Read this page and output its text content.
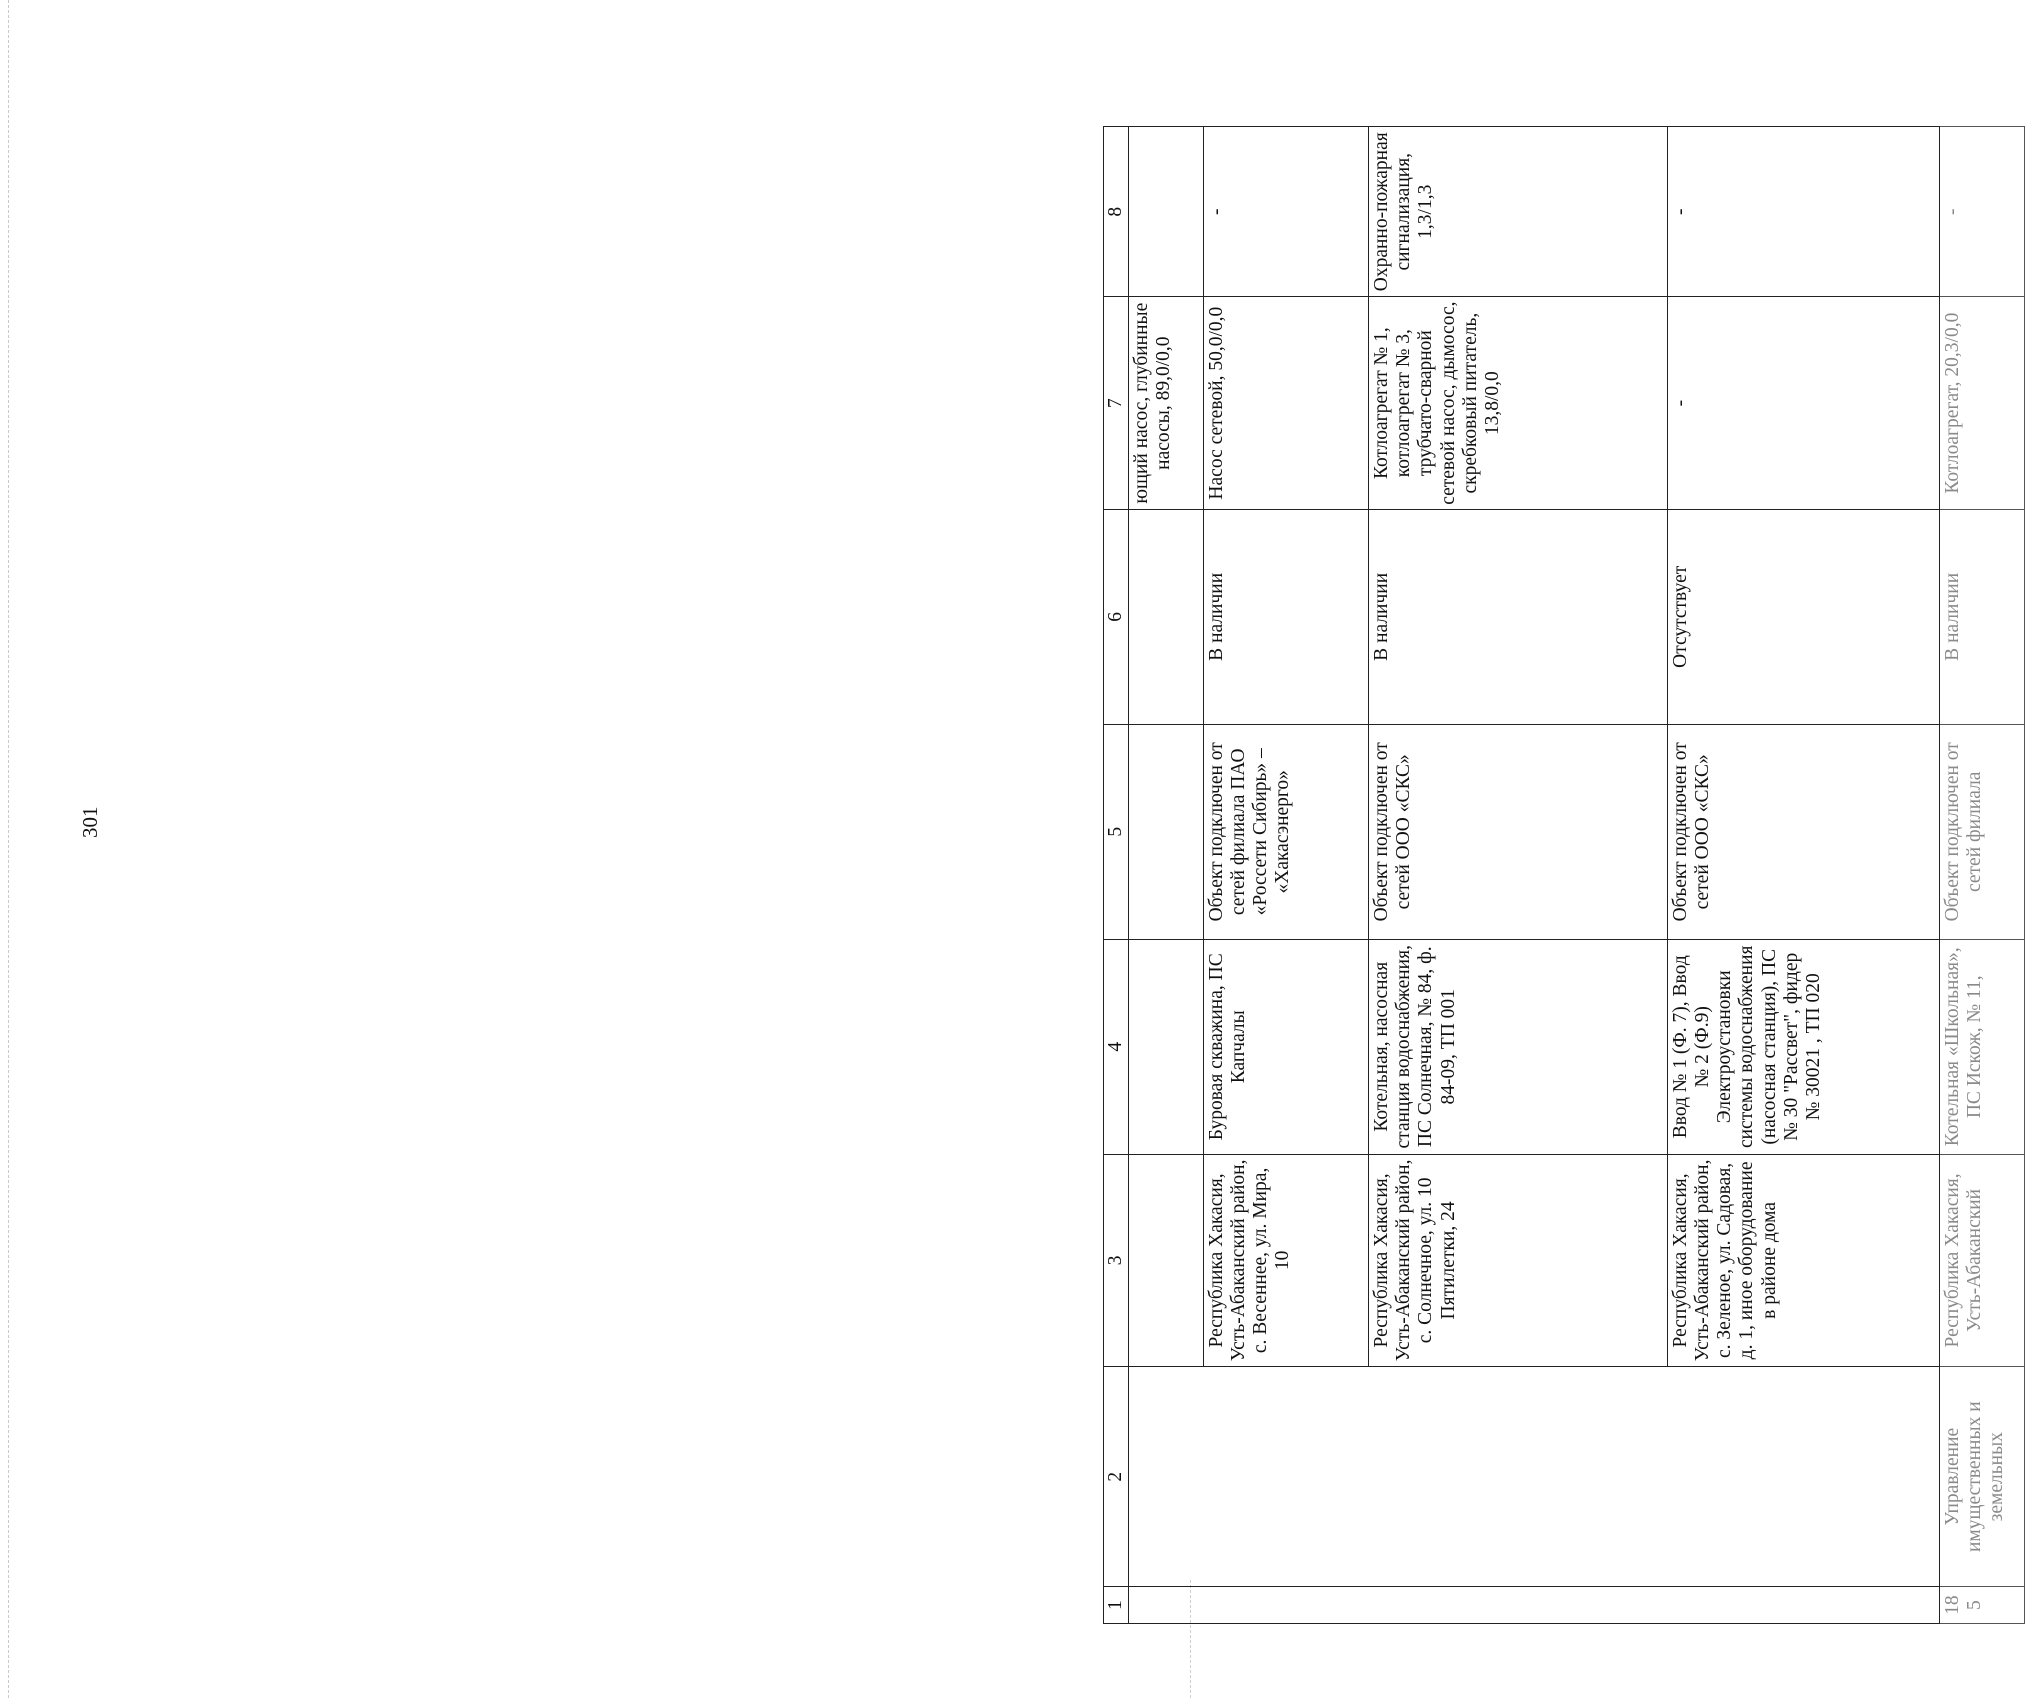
301
1	2	3	4	5	6	7	8
						ющий насос, глубинные насосы, 89,0/0,0	
		Республика Хакасия, Усть-Абаканский район, с. Весеннее, ул. Мира, 10	Буровая скважина, ПС Капчалы	Объект подключен от сетей филиала ПАО «Россети Сибирь» – «Хакасэнерго»	В наличии	Насос сетевой, 50,0/0,0	-
		Республика Хакасия, Усть-Абаканский район, с. Солнечное, ул. 10 Пятилетки, 24	Котельная, насосная станция водоснабжения, ПС Солнечная, № 84, ф. 84-09, ТП 001	Объект подключен от сетей ООО «СКС»	В наличии	Котлоагрегат № 1, котлоагрегат № 3, трубчато-сварной сетевой насос, дымосос, скребковый питатель, 13,8/0,0	Охранно-пожарная сигнализация, 1,3/1,3
		Республика Хакасия, Усть-Абаканский район, с. Зеленое, ул. Садовая, д. 1, иное оборудование в районе дома	Ввод № 1 (Ф. 7), Ввод № 2 (Ф.9) Электроустановки системы водоснабжения (насосная станция), ПС № 30 "Рассвет", фидер № 30021 , ТП 020	Объект подключен от сетей ООО «СКС»	Отсутствует	-	-
185	Управление имущественных и земельных	Республика Хакасия, Усть-Абаканский	Котельная «Школьная», ПС Искож, № 11,	Объект подключен от сетей филиала	В наличии	Котлоагрегат, 20,3/0,0	-
